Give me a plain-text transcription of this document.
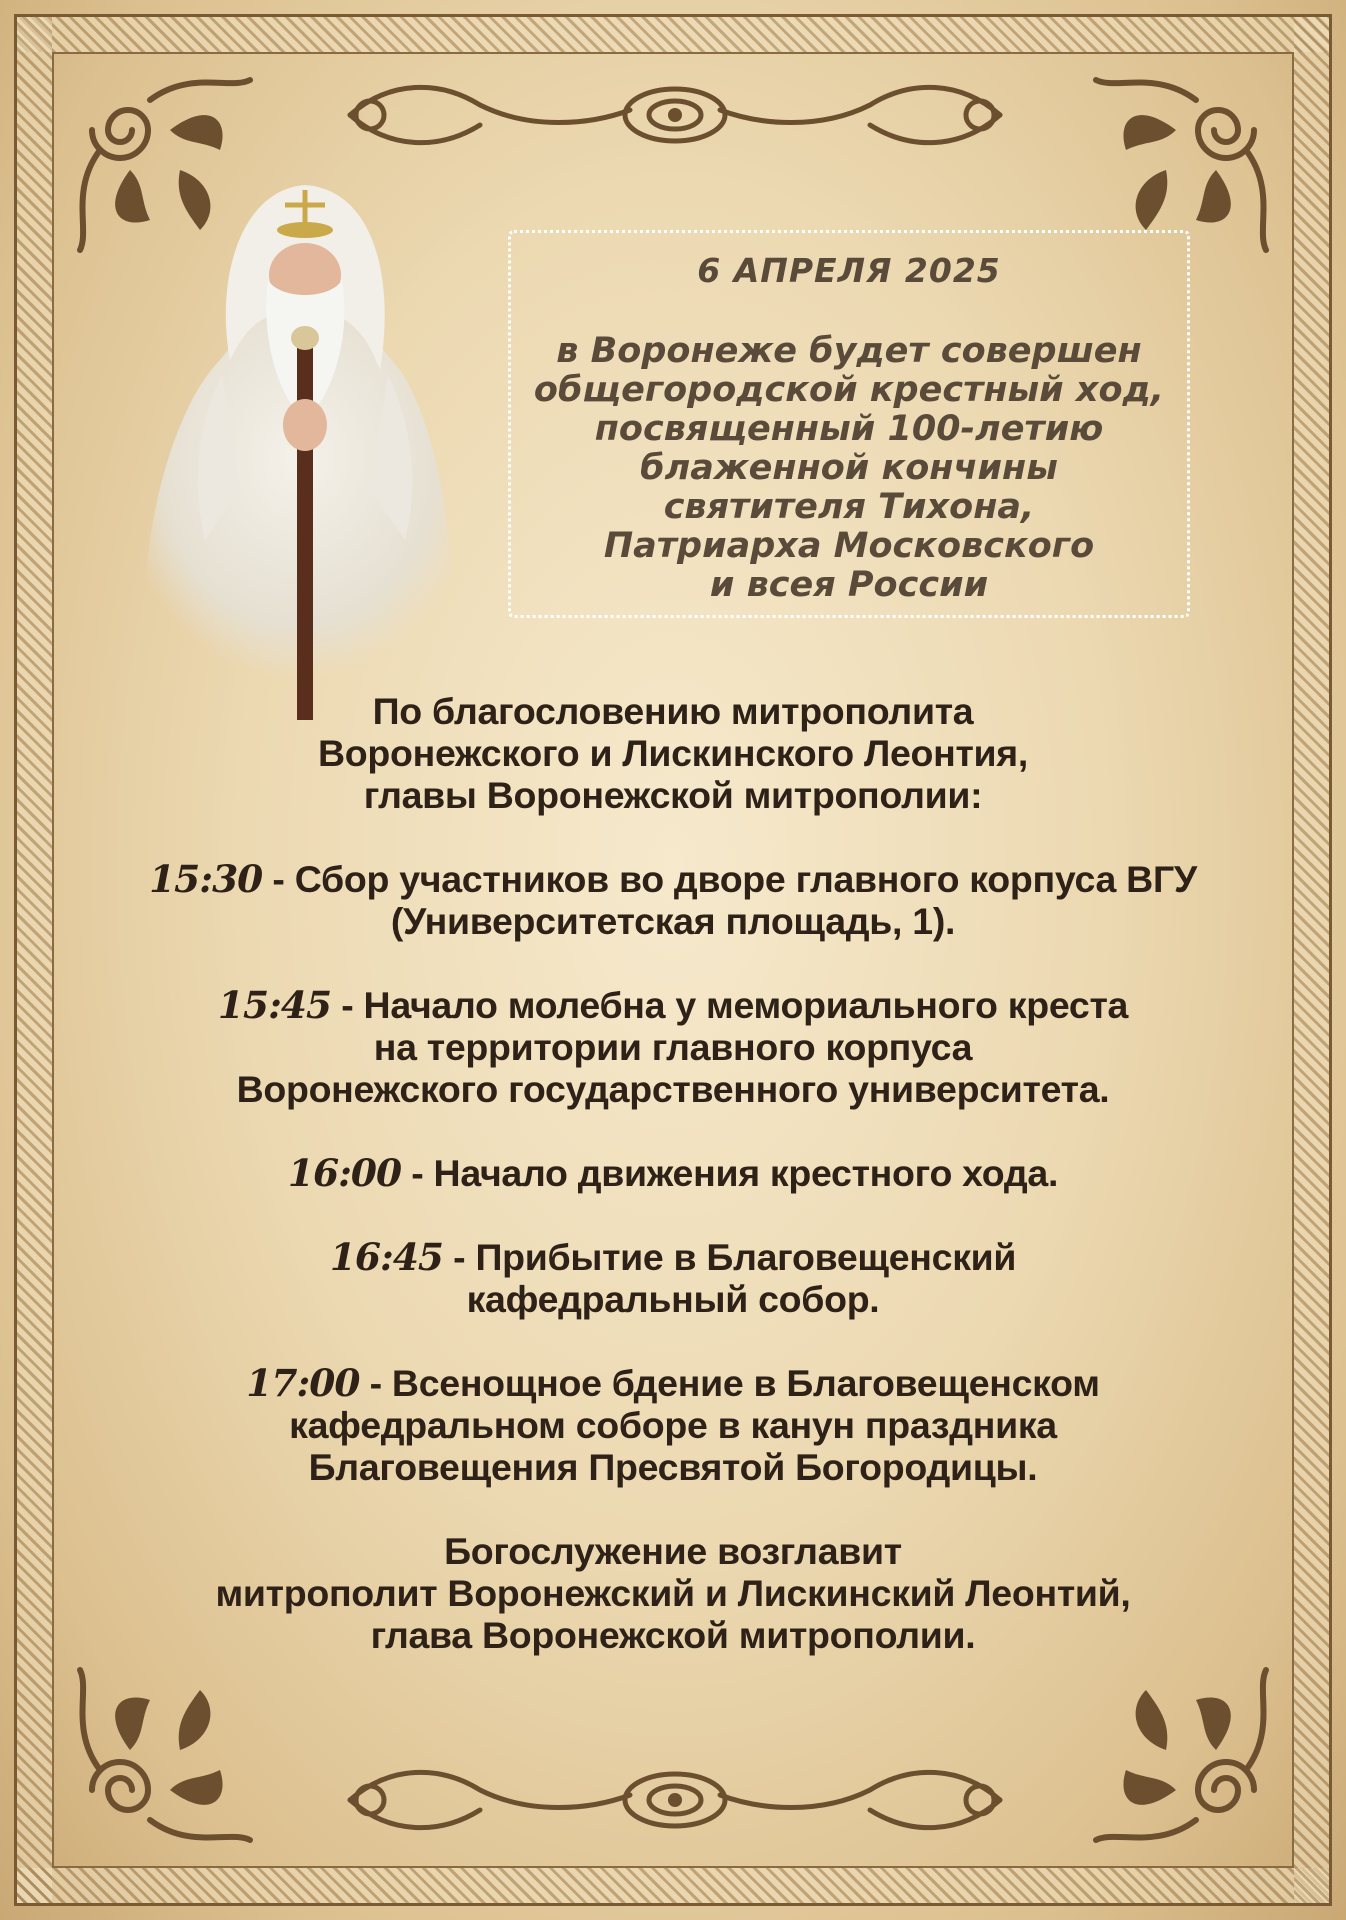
6 АПРЕЛЯ 2025
в Воронеже будет совершен
общегородской крестный ход,
посвященный 100-летию
блаженной кончины
святителя Тихона,
Патриарха Московского
и всея России
По благословению митрополита
Воронежского и Лискинского Леонтия,
главы Воронежской митрополии:
15:30 - Сбор участников во дворе главного корпуса ВГУ
(Университетская площадь, 1).
15:45 - Начало молебна у мемориального креста
на территории главного корпуса
Воронежского государственного университета.
16:00 - Начало движения крестного хода.
16:45 - Прибытие в Благовещенский
кафедральный собор.
17:00 - Всенощное бдение в Благовещенском
кафедральном соборе в канун праздника
Благовещения Пресвятой Богородицы.
Богослужение возглавит
митрополит Воронежский и Лискинский Леонтий,
глава Воронежской митрополии.
